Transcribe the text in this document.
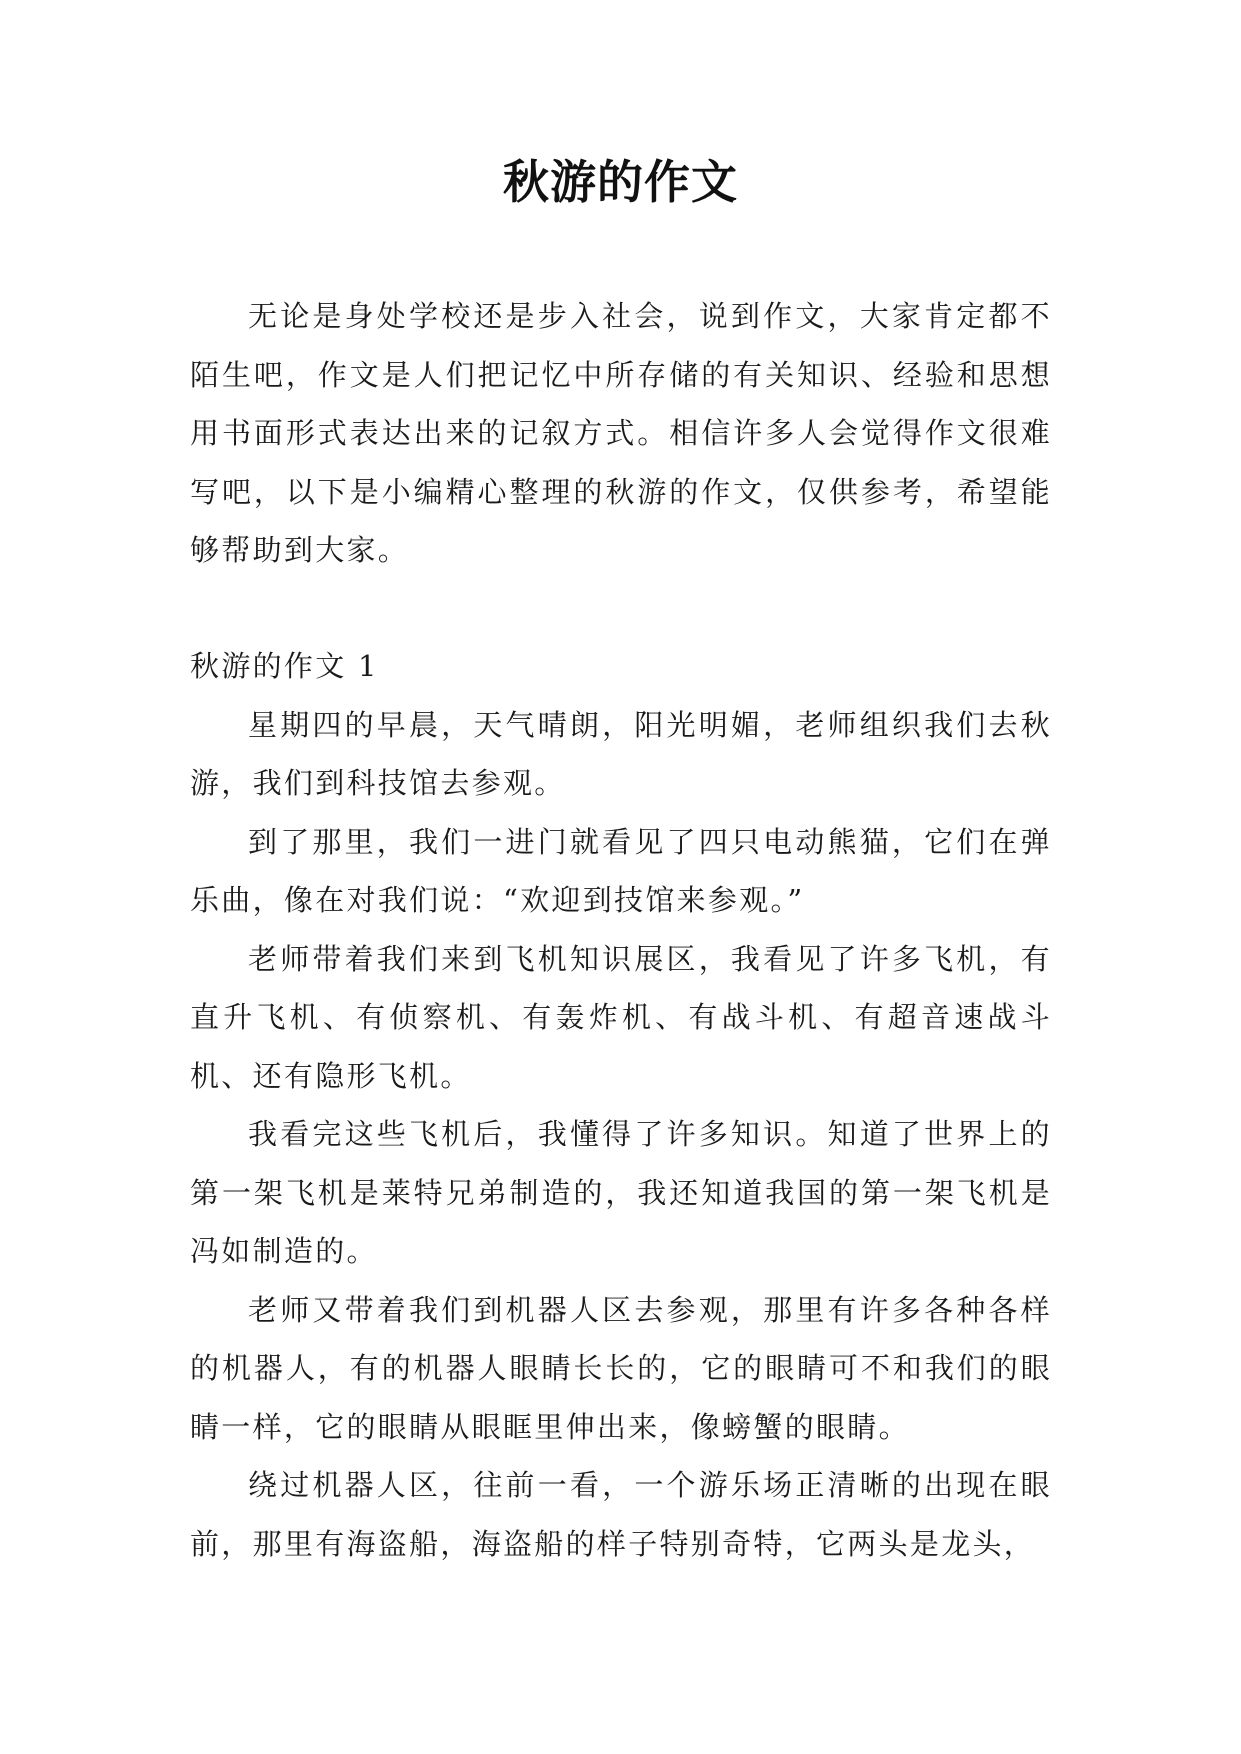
秋游的作文

无论是身处学校还是步入社会，说到作文，大家肯定都不陌生吧，作文是人们把记忆中所存储的有关知识、经验和思想用书面形式表达出来的记叙方式。相信许多人会觉得作文很难写吧，以下是小编精心整理的秋游的作文，仅供参考，希望能够帮助到大家。

秋游的作文 1

星期四的早晨，天气晴朗，阳光明媚，老师组织我们去秋游，我们到科技馆去参观。

到了那里，我们一进门就看见了四只电动熊猫，它们在弹乐曲，像在对我们说：“欢迎到技馆来参观。”

老师带着我们来到飞机知识展区，我看见了许多飞机，有直升飞机、有侦察机、有轰炸机、有战斗机、有超音速战斗机、还有隐形飞机。

我看完这些飞机后，我懂得了许多知识。知道了世界上的第一架飞机是莱特兄弟制造的，我还知道我国的第一架飞机是冯如制造的。

老师又带着我们到机器人区去参观，那里有许多各种各样的机器人，有的机器人眼睛长长的，它的眼睛可不和我们的眼睛一样，它的眼睛从眼眶里伸出来，像螃蟹的眼睛。

绕过机器人区，往前一看，一个游乐场正清晰的出现在眼前，那里有海盗船，海盗船的样子特别奇特，它两头是龙头，
